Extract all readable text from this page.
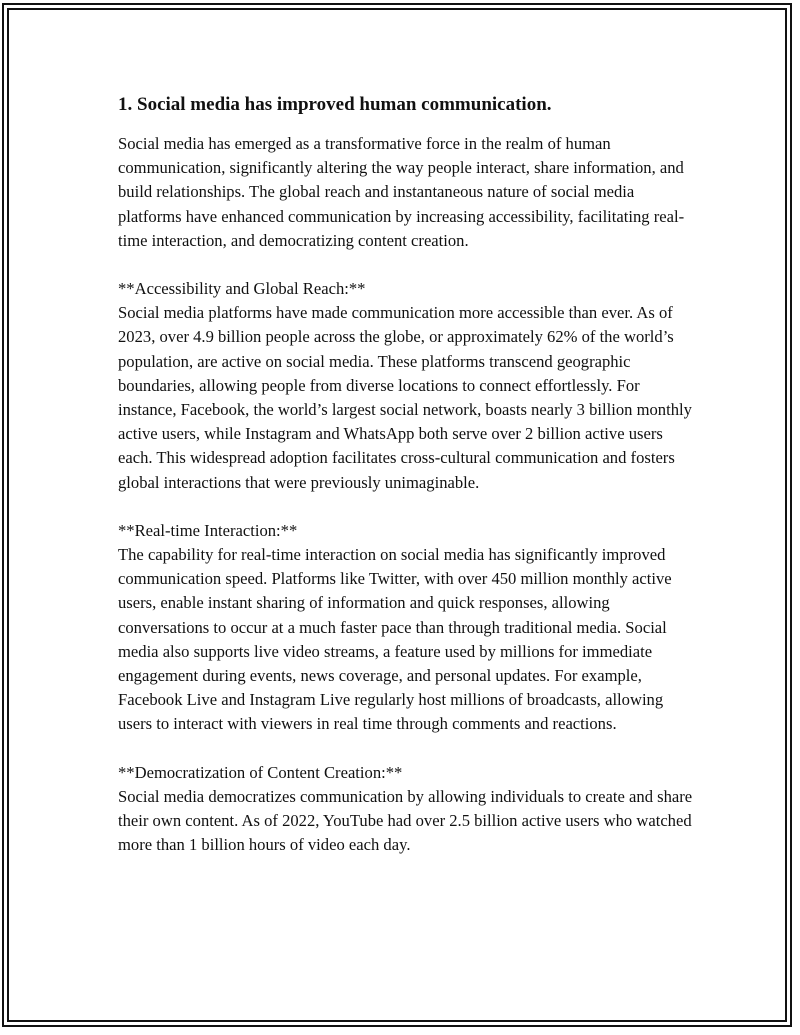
1. Social media has improved human communication.

Social media has emerged as a transformative force in the realm of human communication, significantly altering the way people interact, share information, and build relationships. The global reach and instantaneous nature of social media platforms have enhanced communication by increasing accessibility, facilitating real-time interaction, and democratizing content creation.

**Accessibility and Global Reach:**

Social media platforms have made communication more accessible than ever. As of 2023, over 4.9 billion people across the globe, or approximately 62% of the world’s population, are active on social media. These platforms transcend geographic boundaries, allowing people from diverse locations to connect effortlessly. For instance, Facebook, the world’s largest social network, boasts nearly 3 billion monthly active users, while Instagram and WhatsApp both serve over 2 billion active users each. This widespread adoption facilitates cross-cultural communication and fosters global interactions that were previously unimaginable.

**Real-time Interaction:**

The capability for real-time interaction on social media has significantly improved communication speed. Platforms like Twitter, with over 450 million monthly active users, enable instant sharing of information and quick responses, allowing conversations to occur at a much faster pace than through traditional media. Social media also supports live video streams, a feature used by millions for immediate engagement during events, news coverage, and personal updates. For example, Facebook Live and Instagram Live regularly host millions of broadcasts, allowing users to interact with viewers in real time through comments and reactions.

**Democratization of Content Creation:**

Social media democratizes communication by allowing individuals to create and share their own content. As of 2022, YouTube had over 2.5 billion active users who watched more than 1 billion hours of video each day.
